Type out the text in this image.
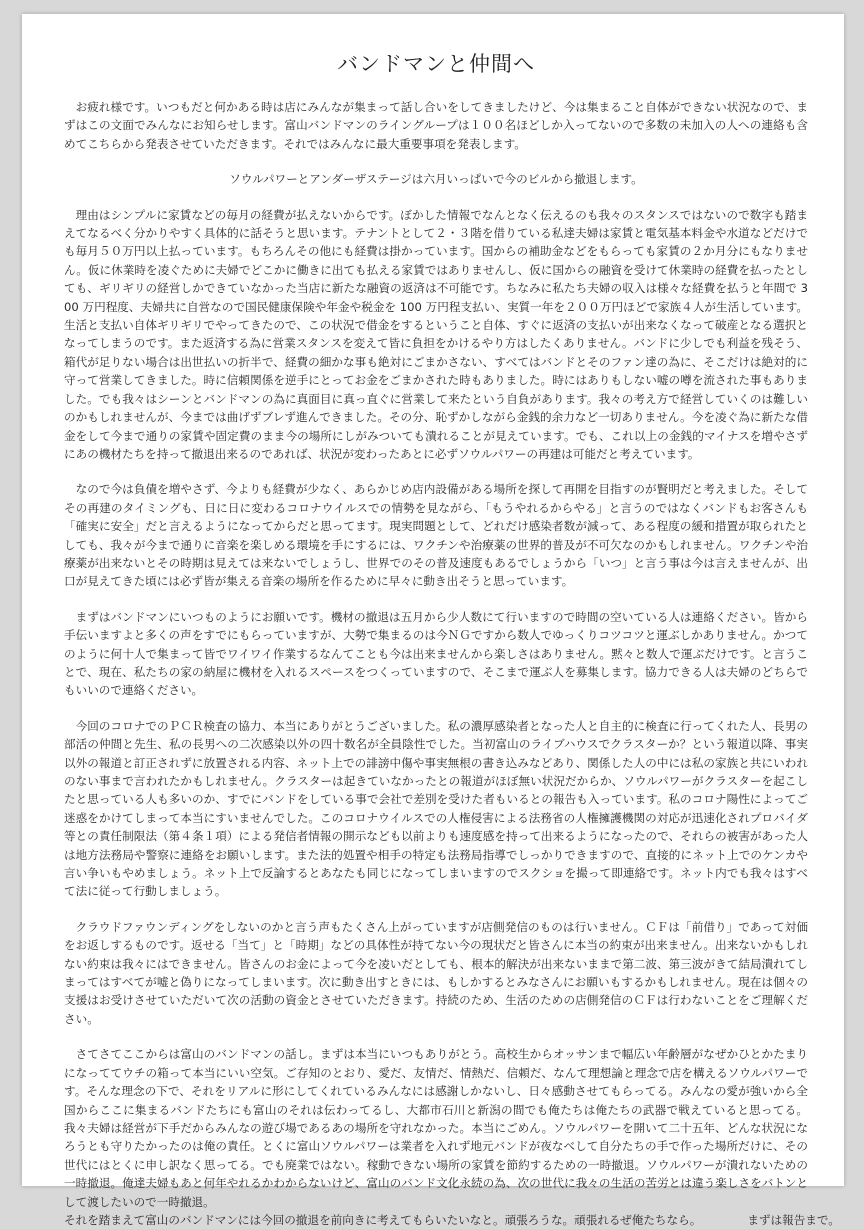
バンドマンと仲間へ

お疲れ様です。いつもだと何かある時は店にみんなが集まって話し合いをしてきましたけど、今は集まること自体ができない状況なので、まずはこの文面でみんなにお知らせします。富山バンドマンのライングループは１００名ほどしか入ってないので多数の未加入の人への連絡も含めてこちらから発表させていただきます。それではみんなに最大重要事項を発表します。

ソウルパワーとアンダーザステージは六月いっぱいで今のビルから撤退します。

理由はシンプルに家賃などの毎月の経費が払えないからです。ぼかした情報でなんとなく伝えるのも我々のスタンスではないので数字も踏まえてなるべく分かりやすく具体的に話そうと思います。テナントとして２・３階を借りている私達夫婦は家賃と電気基本料金や水道などだけでも毎月５０万円以上払っています。もちろんその他にも経費は掛かっています。国からの補助金などをもらっても家賃の２か月分にもなりません。仮に休業時を凌ぐために夫婦でどこかに働きに出ても払える家賃ではありませんし、仮に国からの融資を受けて休業時の経費を払ったとしても、ギリギリの経営しかできていなかった当店に新たな融資の返済は不可能です。ちなみに私たち夫婦の収入は様々な経費を払うと年間で 300 万円程度、夫婦共に自営なので国民健康保険や年金や税金を 100 万円程支払い、実質一年を２００万円ほどで家族４人が生活しています。生活と支払い自体ギリギリでやってきたので、この状況で借金をするということ自体、すぐに返済の支払いが出来なくなって破産となる選択となってしまうのです。また返済する為に営業スタンスを変えて皆に負担をかけるやり方はしたくありません。バンドに少しでも利益を残そう、箱代が足りない場合は出世払いの折半で、経費の細かな事も絶対にごまかさない、すべてはバンドとそのファン達の為に、そこだけは絶対的に守って営業してきました。時に信頼関係を逆手にとってお金をごまかされた時もありました。時にはありもしない嘘の噂を流された事もありました。でも我々はシーンとバンドマンの為に真面目に真っ直ぐに営業して来たという自負があります。我々の考え方で経営していくのは難しいのかもしれませんが、今までは曲げずブレず進んできました。その分、恥ずかしながら金銭的余力など一切ありません。今を凌ぐ為に新たな借金をして今まで通りの家賃や固定費のまま今の場所にしがみついても潰れることが見えています。でも、これ以上の金銭的マイナスを増やさずにあの機材たちを持って撤退出来るのであれば、状況が変わったあとに必ずソウルパワーの再建は可能だと考えています。

なので今は負債を増やさず、今よりも経費が少なく、あらかじめ店内設備がある場所を探して再開を目指すのが賢明だと考えました。そしてその再建のタイミングも、日に日に変わるコロナウイルスでの情勢を見ながら、「もうやれるからやる」と言うのではなくバンドもお客さんも「確実に安全」だと言えるようになってからだと思ってます。現実問題として、どれだけ感染者数が減って、ある程度の緩和措置が取られたとしても、我々が今まで通りに音楽を楽しめる環境を手にするには、ワクチンや治療薬の世界的普及が不可欠なのかもしれません。ワクチンや治療薬が出来ないとその時期は見えては来ないでしょうし、世界でのその普及速度もあるでしょうから「いつ」と言う事は今は言えませんが、出口が見えてきた頃には必ず皆が集える音楽の場所を作るために早々に動き出そうと思っています。

まずはバンドマンにいつものようにお願いです。機材の撤退は五月から少人数にて行いますので時間の空いている人は連絡ください。皆から手伝いますよと多くの声をすでにもらっていますが、大勢で集まるのは今ＮＧですから数人でゆっくりコツコツと運ぶしかありません。かつてのように何十人で集まって皆でワイワイ作業するなんてことも今は出来ませんから楽しさはありません。黙々と数人で運ぶだけです。と言うことで、現在、私たちの家の納屋に機材を入れるスペースをつくっていますので、そこまで運ぶ人を募集します。協力できる人は夫婦のどちらでもいいので連絡ください。

今回のコロナでのＰＣＲ検査の協力、本当にありがとうございました。私の濃厚感染者となった人と自主的に検査に行ってくれた人、長男の部活の仲間と先生、私の長男への二次感染以外の四十数名が全員陰性でした。当初富山のライブハウスでクラスターか？という報道以降、事実以外の報道と訂正されずに放置される内容、ネット上での誹謗中傷や事実無根の書き込みなどあり、関係した人の中には私の家族と共にいわれのない事まで言われたかもしれません。クラスターは起きていなかったとの報道がほぼ無い状況だからか、ソウルパワーがクラスターを起こしたと思っている人も多いのか、すでにバンドをしている事で会社で差別を受けた者もいるとの報告も入っています。私のコロナ陽性によってご迷惑をかけてしまって本当にすいませんでした。このコロナウイルスでの人権侵害による法務省の人権擁護機関の対応が迅速化されプロバイダ等との責任制限法（第４条１項）による発信者情報の開示なども以前よりも速度感を持って出来るようになったので、それらの被害があった人は地方法務局や警察に連絡をお願いします。また法的処置や相手の特定も法務局指導でしっかりできますので、直接的にネット上でのケンカや言い争いもやめましょう。ネット上で反論するとあなたも同じになってしまいますのでスクショを撮って即連絡です。ネット内でも我々はすべて法に従って行動しましょう。

クラウドファウンディングをしないのかと言う声もたくさん上がっていますが店側発信のものは行いません。ＣＦは「前借り」であって対価をお返しするものです。返せる「当て」と「時期」などの具体性が持てない今の現状だと皆さんに本当の約束が出来ません。出来ないかもしれない約束は我々にはできません。皆さんのお金によって今を凌いだとしても、根本的解決が出来ないままで第二波、第三波がきて結局潰れてしまってはすべてが嘘と偽りになってしまいます。次に動き出すときには、もしかするとみなさんにお願いもするかもしれません。現在は個々の支援はお受けさせていただいて次の活動の資金とさせていただきます。持続のため、生活のための店側発信のＣＦは行わないことをご理解ください。

さてさてここからは富山のバンドマンの話し。まずは本当にいつもありがとう。高校生からオッサンまで幅広い年齢層がなぜかひとかたまりになっててウチの箱って本当にいい空気。ご存知のとおり、愛だ、友情だ、情熱だ、信頼だ、なんて理想論と理念で店を構えるソウルパワーです。そんな理念の下で、それをリアルに形にしてくれているみんなには感謝しかないし、日々感動させてもらってる。みんなの愛が強いから全国からここに集まるバンドたちにも富山のそれは伝わってるし、大都市石川と新潟の間でも俺たちは俺たちの武器で戦えていると思ってる。我々夫婦は経営が下手だからみんなの遊び場であるあの場所を守れなかった。本当にごめん。ソウルパワーを開いて二十五年、どんな状況になろうとも守りたかったのは俺の責任。とくに富山ソウルパワーは業者を入れず地元バンドが夜なべして自分たちの手で作った場所だけに、その世代にはとくに申し訳なく思ってる。でも廃業ではない。稼動できない場所の家賃を節約するための一時撤退。ソウルパワーが潰れないための一時撤退。俺達夫婦もあと何年やれるかわからないけど、富山のバンド文化永続の為、次の世代に我々の生活の苦労とは違う楽しさをバトンとして渡したいので一時撤退。

それを踏まえて富山のバンドマンには今回の撤退を前向きに考えてもらいたいなと。頑張ろうな。頑張れるぜ俺たちなら。	まずは報告まで。
